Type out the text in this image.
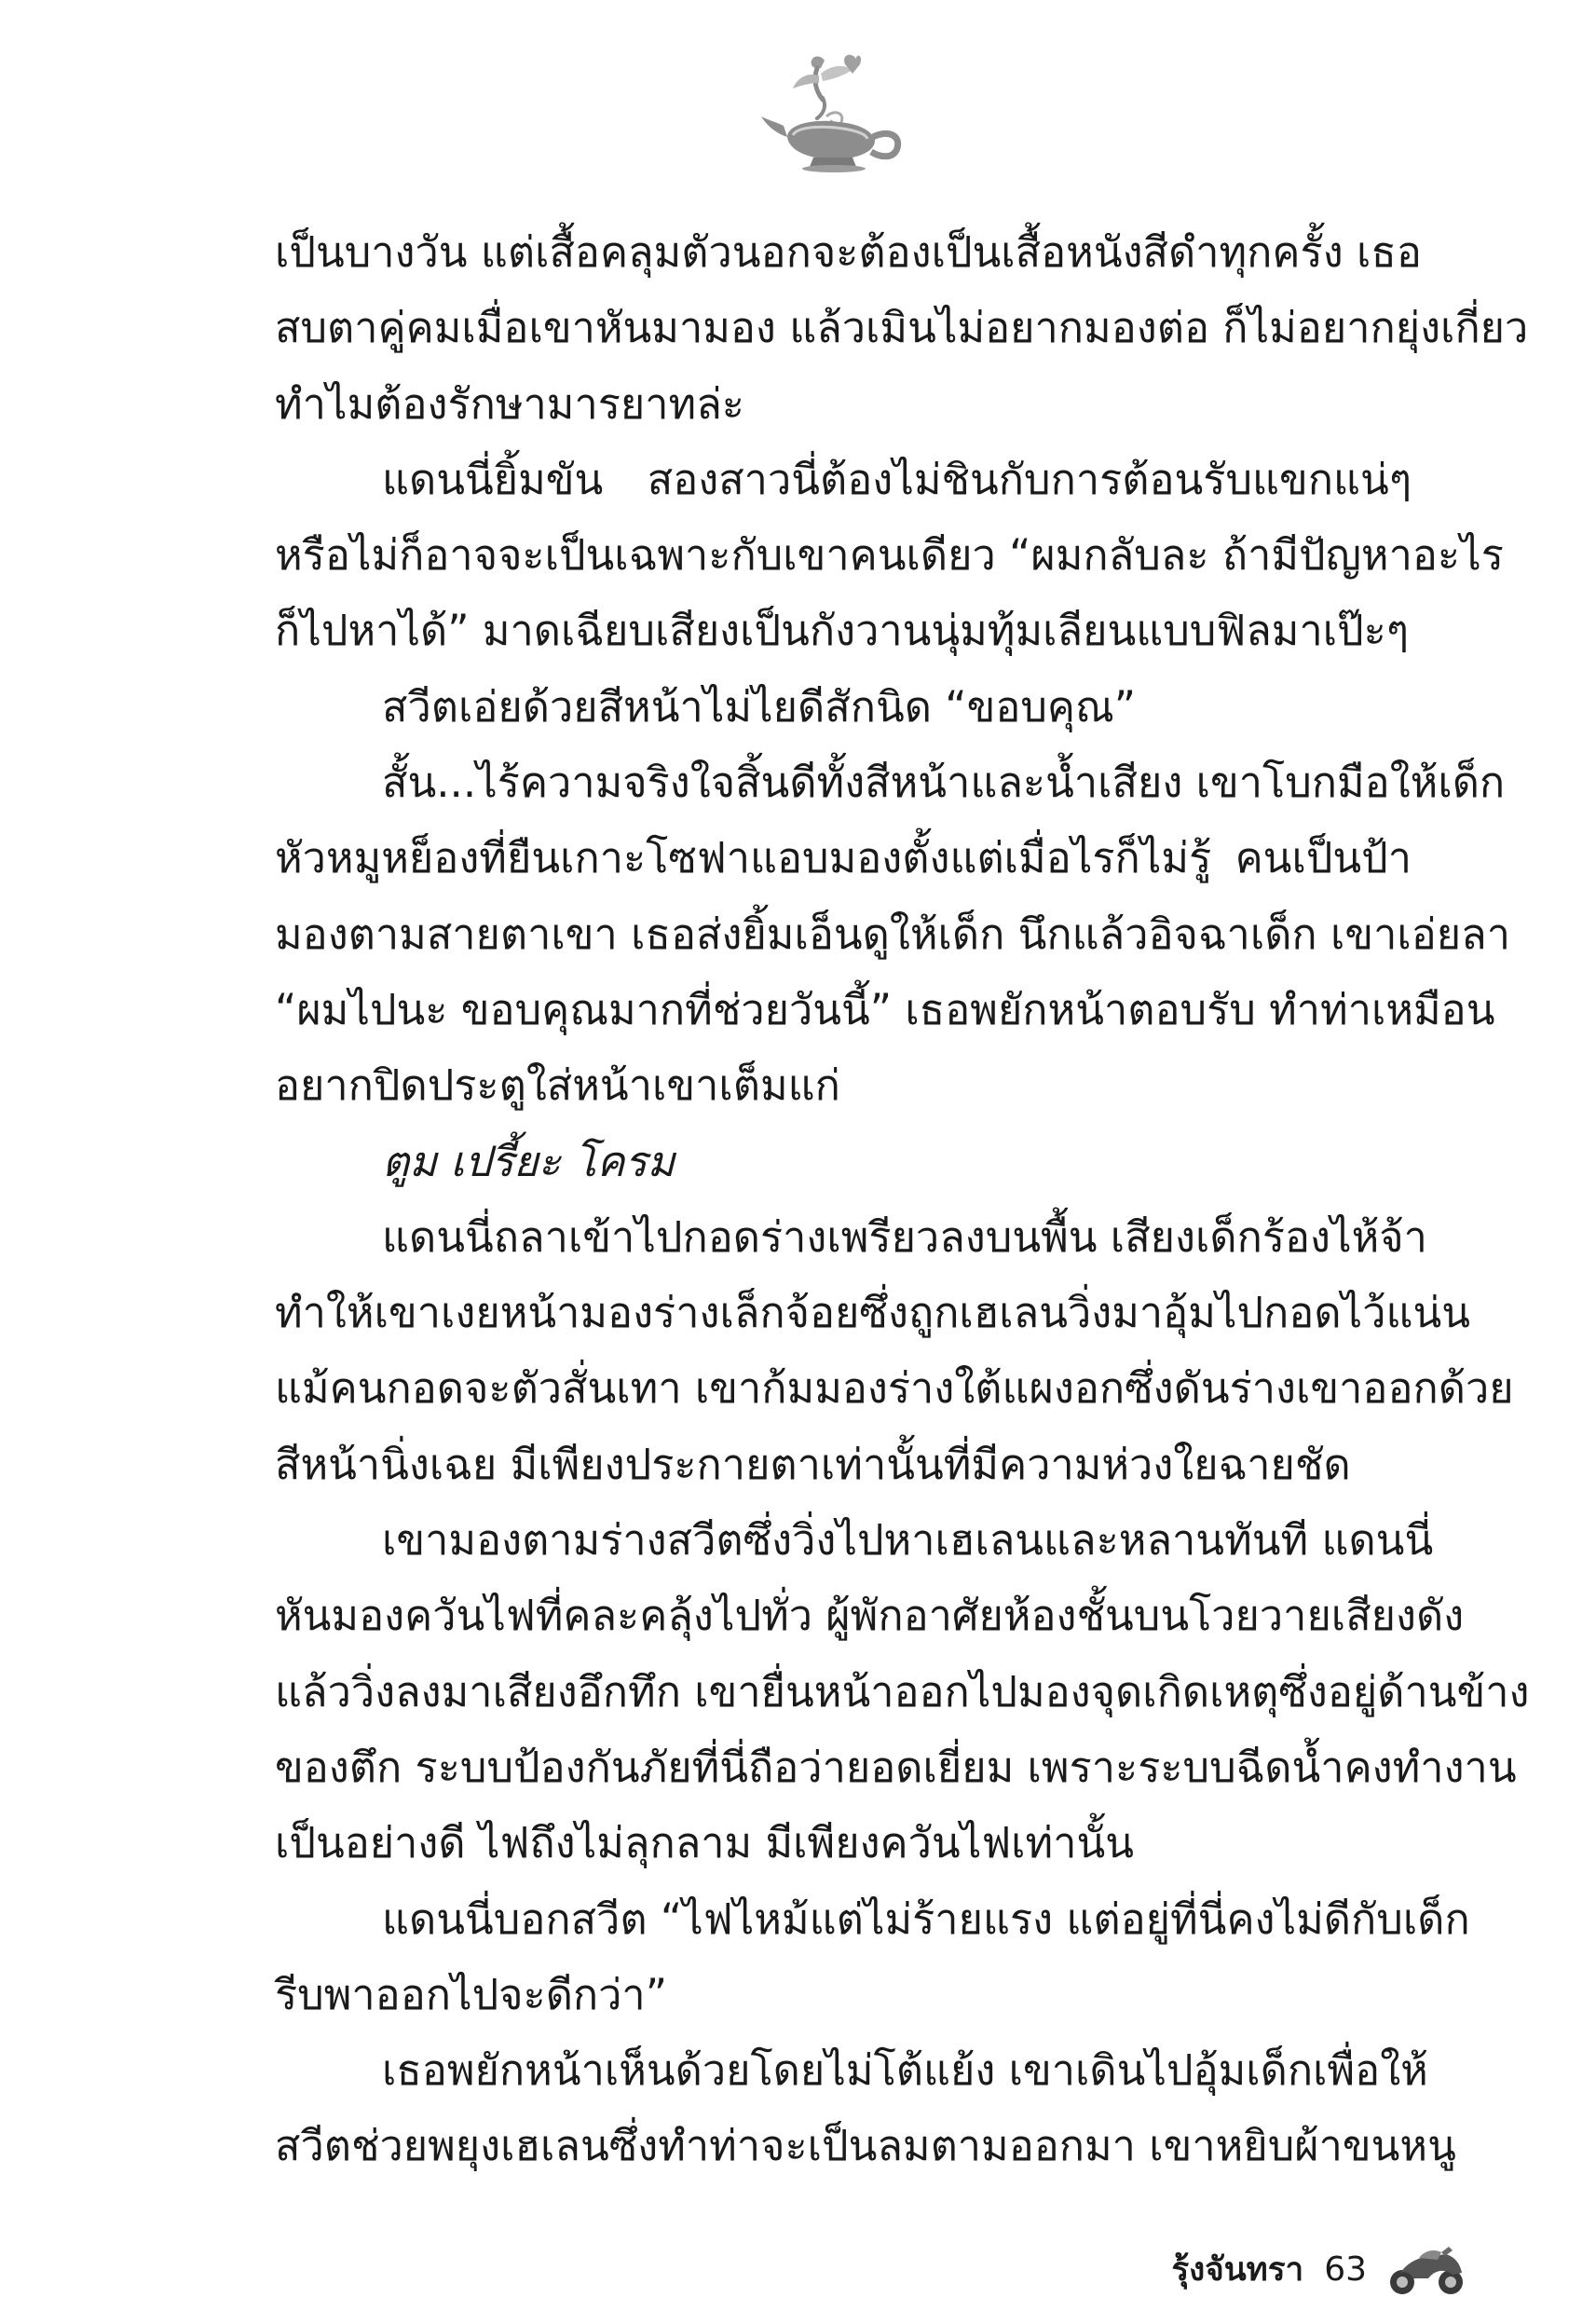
เป็นบางวัน แต่เสื้อคลุมตัวนอกจะต้องเป็นเสื้อหนังสีดำทุกครั้ง เธอ
สบตาคู่คมเมื่อเขาหันมามอง แล้วเมินไม่อยากมองต่อ ก็ไม่อยากยุ่งเกี่ยว
ทำไมต้องรักษามารยาทล่ะ
แดนนี่ยิ้มขัน สองสาวนี่ต้องไม่ชินกับการต้อนรับแขกแน่ๆ
หรือไม่ก็อาจจะเป็นเฉพาะกับเขาคนเดียว “ผมกลับละ ถ้ามีปัญหาอะไร
ก็ไปหาได้” มาดเฉียบเสียงเป็นกังวานนุ่มทุ้มเลียนแบบฟิลมาเป๊ะๆ
สวีตเอ่ยด้วยสีหน้าไม่ไยดีสักนิด “ขอบคุณ”
สั้น...ไร้ความจริงใจสิ้นดีทั้งสีหน้าและน้ำเสียง เขาโบกมือให้เด็ก
หัวหมูหย็องที่ยืนเกาะโซฟาแอบมองตั้งแต่เมื่อไรก็ไม่รู้ คนเป็นป้า
มองตามสายตาเขา เธอส่งยิ้มเอ็นดูให้เด็ก นึกแล้วอิจฉาเด็ก เขาเอ่ยลา
“ผมไปนะ ขอบคุณมากที่ช่วยวันนี้” เธอพยักหน้าตอบรับ ทำท่าเหมือน
อยากปิดประตูใส่หน้าเขาเต็มแก่
ตูม เปรี้ยะ โครม
แดนนี่ถลาเข้าไปกอดร่างเพรียวลงบนพื้น เสียงเด็กร้องไห้จ้า
ทำให้เขาเงยหน้ามองร่างเล็กจ้อยซึ่งถูกเฮเลนวิ่งมาอุ้มไปกอดไว้แน่น
แม้คนกอดจะตัวสั่นเทา เขาก้มมองร่างใต้แผงอกซึ่งดันร่างเขาออกด้วย
สีหน้านิ่งเฉย มีเพียงประกายตาเท่านั้นที่มีความห่วงใยฉายชัด
เขามองตามร่างสวีตซึ่งวิ่งไปหาเฮเลนและหลานทันที แดนนี่
หันมองควันไฟที่คละคลุ้งไปทั่ว ผู้พักอาศัยห้องชั้นบนโวยวายเสียงดัง
แล้ววิ่งลงมาเสียงอึกทึก เขายื่นหน้าออกไปมองจุดเกิดเหตุซึ่งอยู่ด้านข้าง
ของตึก ระบบป้องกันภัยที่นี่ถือว่ายอดเยี่ยม เพราะระบบฉีดน้ำคงทำงาน
เป็นอย่างดี ไฟถึงไม่ลุกลาม มีเพียงควันไฟเท่านั้น
แดนนี่บอกสวีต “ไฟไหม้แต่ไม่ร้ายแรง แต่อยู่ที่นี่คงไม่ดีกับเด็ก
รีบพาออกไปจะดีกว่า”
เธอพยักหน้าเห็นด้วยโดยไม่โต้แย้ง เขาเดินไปอุ้มเด็กเพื่อให้
สวีตช่วยพยุงเฮเลนซึ่งทำท่าจะเป็นลมตามออกมา เขาหยิบผ้าขนหนู
รุ้งจันทรา 63
